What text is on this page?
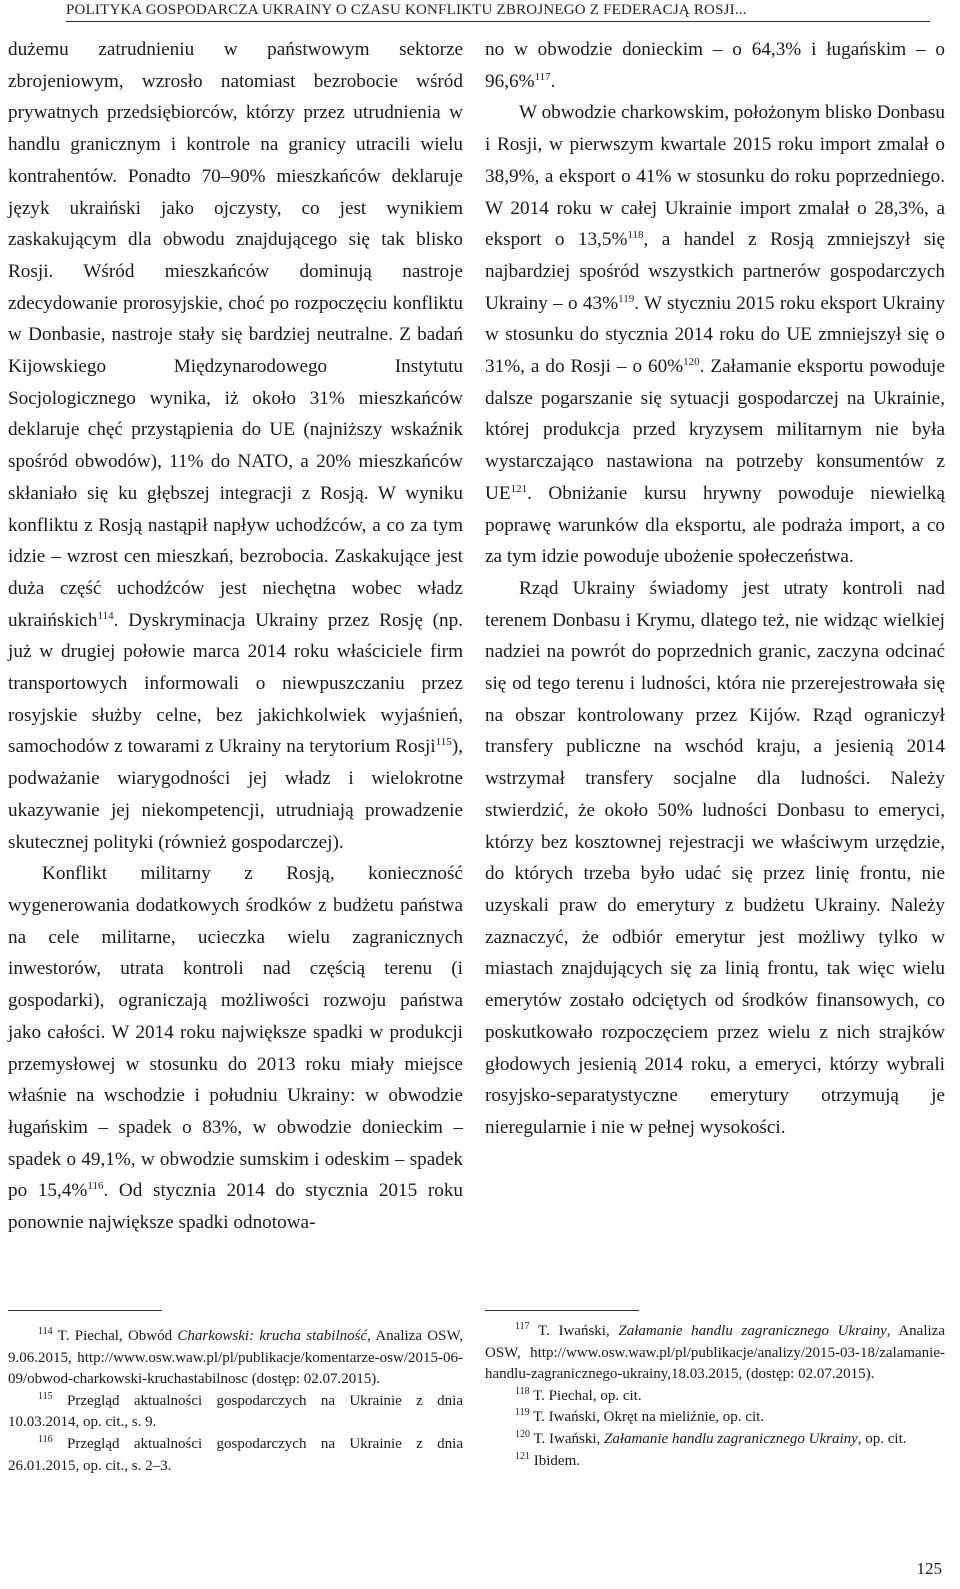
POLITYKA GOSPODARCZA UKRAINY O CZASU KONFLIKTU ZBROJNEGO Z FEDERACJĄ ROSJI...

dużemu zatrudnieniu w państwowym sektorze zbrojeniowym, wzrosło natomiast bezrobocie wśród prywatnych przedsiębiorców, którzy przez utrudnienia w handlu granicznym i kontrole na granicy utracili wielu kontrahentów. Ponadto 70–90% mieszkańców deklaruje język ukraiński jako ojczysty, co jest wynikiem zaskakującym dla obwodu znajdującego się tak blisko Rosji. Wśród mieszkańców dominują nastroje zdecydowanie prorosyjskie, choć po rozpoczęciu konfliktu w Donbasie, nastroje stały się bardziej neutralne. Z badań Kijowskiego Międzynarodowego Instytutu Socjologicznego wynika, iż około 31% mieszkańców deklaruje chęć przystąpienia do UE (najniższy wskaźnik spośród obwodów), 11% do NATO, a 20% mieszkańców skłaniało się ku głębszej integracji z Rosją. W wyniku konfliktu z Rosją nastąpił napływ uchodźców, a co za tym idzie – wzrost cen mieszkań, bezrobocia. Zaskakujące jest duża część uchodźców jest niechętna wobec władz ukraińskich$^{114}$. Dyskryminacja Ukrainy przez Rosję (np. już w drugiej połowie marca 2014 roku właściciele firm transportowych informowali o niewpuszczaniu przez rosyjskie służby celne, bez jakichkolwiek wyjaśnień, samochodów z towarami z Ukrainy na terytorium Rosji$^{115}$), podważanie wiarygodności jej władz i wielokrotne ukazywanie jej niekompetencji, utrudniają prowadzenie skutecznej polityki (również gospodarczej).

Konflikt militarny z Rosją, konieczność wygenerowania dodatkowych środków z budżetu państwa na cele militarne, ucieczka wielu zagranicznych inwestorów, utrata kontroli nad częścią terenu (i gospodarki), ograniczają możliwości rozwoju państwa jako całości. W 2014 roku największe spadki w produkcji przemysłowej w stosunku do 2013 roku miały miejsce właśnie na wschodzie i południu Ukrainy: w obwodzie ługańskim – spadek o 83%, w obwodzie donieckim – spadek o 49,1%, w obwodzie sumskim i odeskim – spadek po 15,4%$^{116}$. Od stycznia 2014 do stycznia 2015 roku ponownie największe spadki odnotowa-

no w obwodzie donieckim – o 64,3% i ługańskim – o 96,6%$^{117}$.

W obwodzie charkowskim, położonym blisko Donbasu i Rosji, w pierwszym kwartale 2015 roku import zmalał o 38,9%, a eksport o 41% w stosunku do roku poprzedniego. W 2014 roku w całej Ukrainie import zmalał o 28,3%, a eksport o 13,5%$^{118}$, a handel z Rosją zmniejszył się najbardziej spośród wszystkich partnerów gospodarczych Ukrainy – o 43%$^{119}$. W styczniu 2015 roku eksport Ukrainy w stosunku do stycznia 2014 roku do UE zmniejszył się o 31%, a do Rosji – o 60%$^{120}$. Załamanie eksportu powoduje dalsze pogarszanie się sytuacji gospodarczej na Ukrainie, której produkcja przed kryzysem militarnym nie była wystarczająco nastawiona na potrzeby konsumentów z UE$^{121}$. Obniżanie kursu hrywny powoduje niewielką poprawę warunków dla eksportu, ale podraża import, a co za tym idzie powoduje ubożenie społeczeństwa.

Rząd Ukrainy świadomy jest utraty kontroli nad terenem Donbasu i Krymu, dlatego też, nie widząc wielkiej nadziei na powrót do poprzednich granic, zaczyna odcinać się od tego terenu i ludności, która nie przerejestrowała się na obszar kontrolowany przez Kijów. Rząd ograniczył transfery publiczne na wschód kraju, a jesienią 2014 wstrzymał transfery socjalne dla ludności. Należy stwierdzić, że około 50% ludności Donbasu to emeryci, którzy bez kosztownej rejestracji we właściwym urzędzie, do których trzeba było udać się przez linię frontu, nie uzyskali praw do emerytury z budżetu Ukrainy. Należy zaznaczyć, że odbiór emerytur jest możliwy tylko w miastach znajdujących się za linią frontu, tak więc wielu emerytów zostało odciętych od środków finansowych, co poskutkowało rozpoczęciem przez wielu z nich strajków głodowych jesienią 2014 roku, a emeryci, którzy wybrali rosyjsko-separatystyczne emerytury otrzymują je nieregularnie i nie w pełnej wysokości.

$^{114}$ T. Piechal, Obwód Charkowski: krucha stabilność, Analiza OSW, 9.06.2015, http://www.osw.waw.pl/pl/publikacje/komentarze-osw/2015-06-09/obwod-charkowski-kruchastabilnosc (dostęp: 02.07.2015).

$^{115}$ Przegląd aktualności gospodarczych na Ukrainie z dnia 10.03.2014, op. cit., s. 9.

$^{116}$ Przegląd aktualności gospodarczych na Ukrainie z dnia 26.01.2015, op. cit., s. 2–3.

$^{117}$ T. Iwański, Załamanie handlu zagranicznego Ukrainy, Analiza OSW, http://www.osw.waw.pl/pl/publikacje/analizy/2015-03-18/zalamanie-handlu-zagranicznego-ukrainy,18.03.2015, (dostęp: 02.07.2015).

$^{118}$ T. Piechal, op. cit.

$^{119}$ T. Iwański, Okręt na mieliźnie, op. cit.

$^{120}$ T. Iwański, Załamanie handlu zagranicznego Ukrainy, op. cit.

$^{121}$ Ibidem.

125
